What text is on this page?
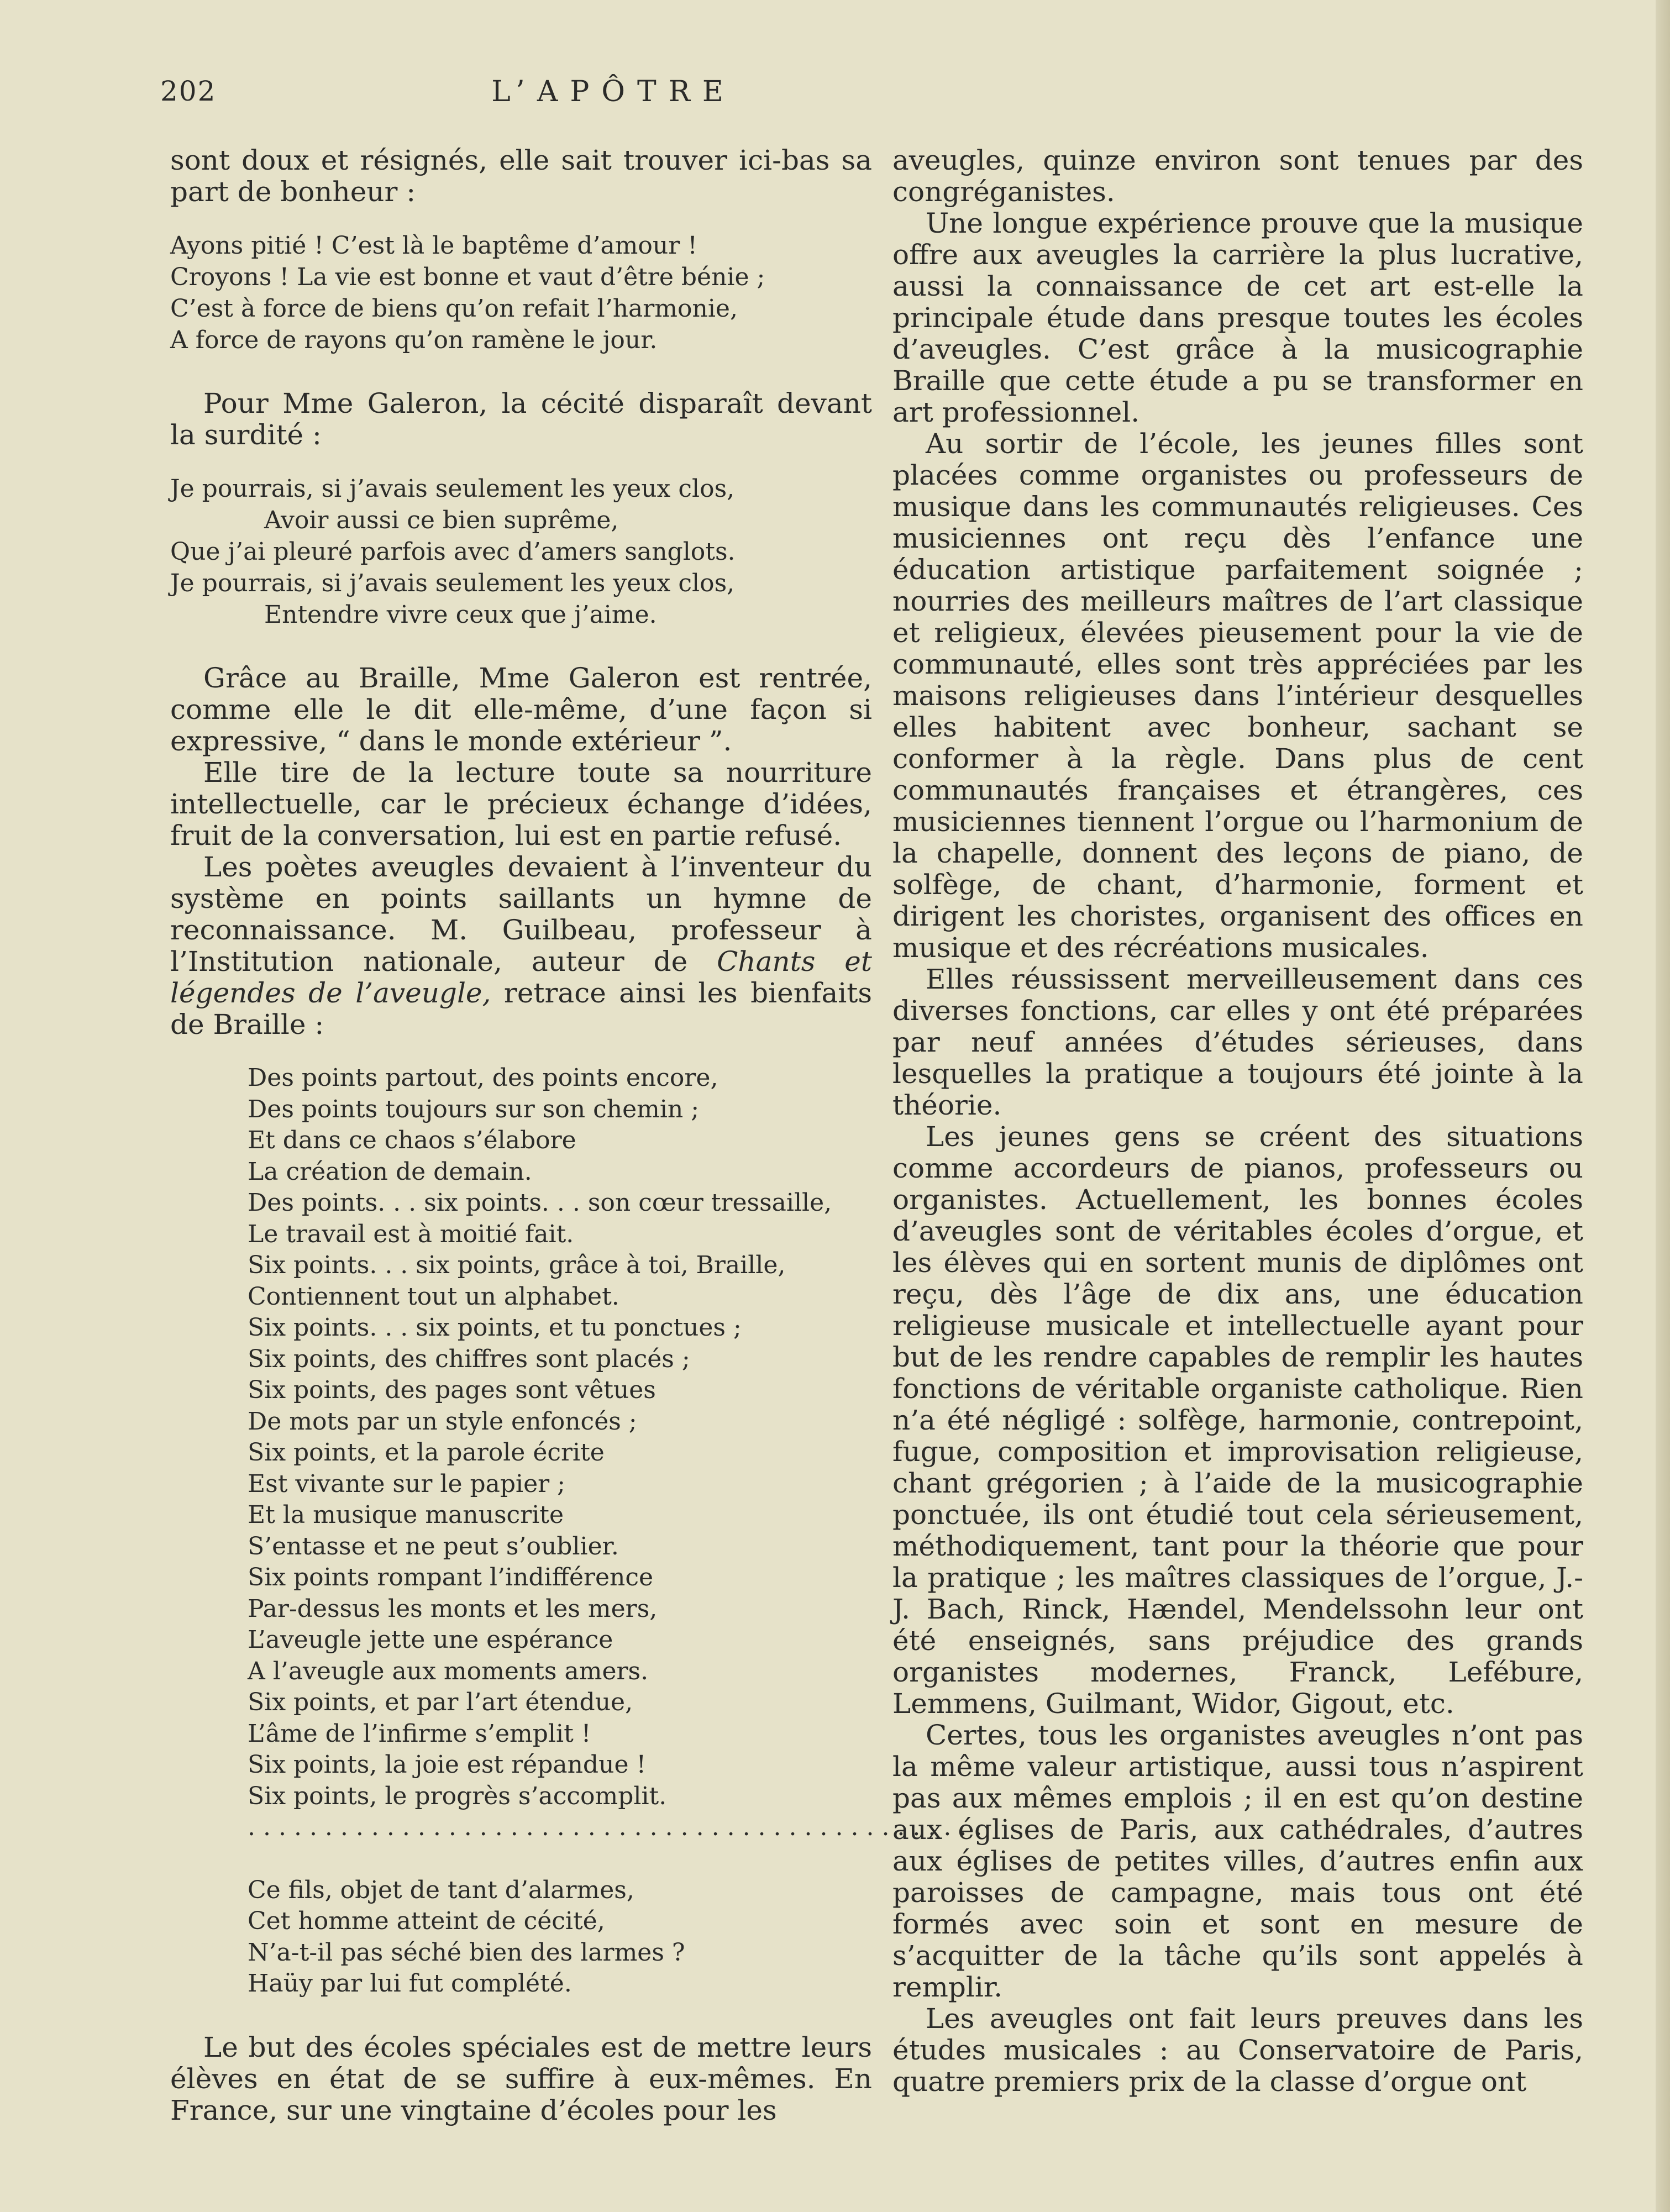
202	L’APÔTRE

sont doux et résignés, elle sait trouver ici-bas sa part de bonheur :

Ayons pitié ! C’est là le baptême d’amour !
Croyons ! La vie est bonne et vaut d’être bénie ;
C’est à force de biens qu’on refait l’harmonie,
A force de rayons qu’on ramène le jour.

Pour Mme Galeron, la cécité disparaît devant la surdité :

Je pourrais, si j’avais seulement les yeux clos,
Avoir aussi ce bien suprême,
Que j’ai pleuré parfois avec d’amers sanglots.
Je pourrais, si j’avais seulement les yeux clos,
Entendre vivre ceux que j’aime.

Grâce au Braille, Mme Galeron est rentrée, comme elle le dit elle-même, d’une façon si expressive, “ dans le monde extérieur ”.

Elle tire de la lecture toute sa nourriture intellectuelle, car le précieux échange d’idées, fruit de la conversation, lui est en partie refusé.

Les poètes aveugles devaient à l’inventeur du système en points saillants un hymne de reconnaissance. M. Guilbeau, professeur à l’Institution nationale, auteur de Chants et légendes de l’aveugle, retrace ainsi les bienfaits de Braille :

Des points partout, des points encore,
Des points toujours sur son chemin ;
Et dans ce chaos s’élabore
La création de demain.
Des points. . . six points. . . son cœur tressaille,
Le travail est à moitié fait.
Six points. . . six points, grâce à toi, Braille,
Contiennent tout un alphabet.
Six points. . . six points, et tu ponctues ;
Six points, des chiffres sont placés ;
Six points, des pages sont vêtues
De mots par un style enfoncés ;
Six points, et la parole écrite
Est vivante sur le papier ;
Et la musique manuscrite
S’entasse et ne peut s’oublier.
Six points rompant l’indifférence
Par-dessus les monts et les mers,
L’aveugle jette une espérance
A l’aveugle aux moments amers.
Six points, et par l’art étendue,
L’âme de l’infirme s’emplit !
Six points, la joie est répandue !
Six points, le progrès s’accomplit.
................................................
Ce fils, objet de tant d’alarmes,
Cet homme atteint de cécité,
N’a-t-il pas séché bien des larmes ?
Haüy par lui fut complété.

Le but des écoles spéciales est de mettre leurs élèves en état de se suffire à eux-mêmes. En France, sur une vingtaine d’écoles pour les

aveugles, quinze environ sont tenues par des congréganistes.

Une longue expérience prouve que la musique offre aux aveugles la carrière la plus lucrative, aussi la connaissance de cet art est-elle la principale étude dans presque toutes les écoles d’aveugles. C’est grâce à la musicographie Braille que cette étude a pu se transformer en art professionnel.

Au sortir de l’école, les jeunes filles sont placées comme organistes ou professeurs de musique dans les communautés religieuses. Ces musiciennes ont reçu dès l’enfance une éducation artistique parfaitement soignée ; nourries des meilleurs maîtres de l’art classique et religieux, élevées pieusement pour la vie de communauté, elles sont très appréciées par les maisons religieuses dans l’intérieur desquelles elles habitent avec bonheur, sachant se conformer à la règle. Dans plus de cent communautés françaises et étrangères, ces musiciennes tiennent l’orgue ou l’harmonium de la chapelle, donnent des leçons de piano, de solfège, de chant, d’harmonie, forment et dirigent les choristes, organisent des offices en musique et des récréations musicales.

Elles réussissent merveilleusement dans ces diverses fonctions, car elles y ont été préparées par neuf années d’études sérieuses, dans lesquelles la pratique a toujours été jointe à la théorie.

Les jeunes gens se créent des situations comme accordeurs de pianos, professeurs ou organistes. Actuellement, les bonnes écoles d’aveugles sont de véritables écoles d’orgue, et les élèves qui en sortent munis de diplômes ont reçu, dès l’âge de dix ans, une éducation religieuse musicale et intellectuelle ayant pour but de les rendre capables de remplir les hautes fonctions de véritable organiste catholique. Rien n’a été négligé : solfège, harmonie, contrepoint, fugue, composition et improvisation religieuse, chant grégorien ; à l’aide de la musicographie ponctuée, ils ont étudié tout cela sérieusement, méthodiquement, tant pour la théorie que pour la pratique ; les maîtres classiques de l’orgue, J.-J. Bach, Rinck, Hændel, Mendelssohn leur ont été enseignés, sans préjudice des grands organistes modernes, Franck, Lefébure, Lemmens, Guilmant, Widor, Gigout, etc.

Certes, tous les organistes aveugles n’ont pas la même valeur artistique, aussi tous n’aspirent pas aux mêmes emplois ; il en est qu’on destine aux églises de Paris, aux cathédrales, d’autres aux églises de petites villes, d’autres enfin aux paroisses de campagne, mais tous ont été formés avec soin et sont en mesure de s’acquitter de la tâche qu’ils sont appelés à remplir.

Les aveugles ont fait leurs preuves dans les études musicales : au Conservatoire de Paris, quatre premiers prix de la classe d’orgue ont
